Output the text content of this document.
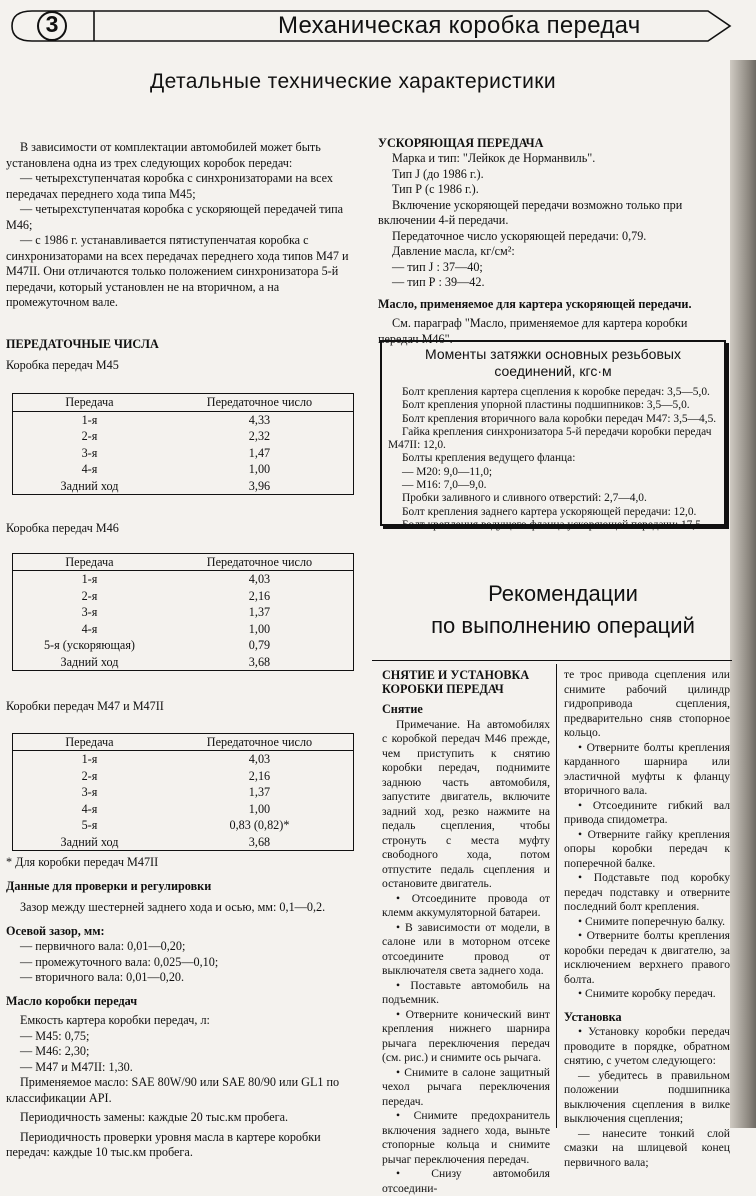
3	Механическая коробка передач
Детальные технические характеристики

В зависимости от комплектации автомобилей может быть установлена одна из трех следующих коробок передач:

— четырехступенчатая коробка с синхронизаторами на всех передачах переднего хода типа М45;

— четырехступенчатая коробка с ускоряющей передачей типа М46;

— с 1986 г. устанавливается пятиступенчатая коробка с синхронизаторами на всех передачах переднего хода типов М47 и М47II. Они отличаются только положением синхронизатора 5-й передачи, который установлен не на вторичном, а на промежуточном вале.

ПЕРЕДАТОЧНЫЕ ЧИСЛА
Коробка передач М45
Передача	Передаточное число
1-я	4,33
2-я	2,32
3-я	1,47
4-я	1,00
Задний ход	3,96
Коробка передач М46
Передача	Передаточное число
1-я	4,03
2-я	2,16
3-я	1,37
4-я	1,00
5-я (ускоряющая)	0,79
Задний ход	3,68
Коробки передач М47 и М47II
Передача	Передаточное число
1-я	4,03
2-я	2,16
3-я	1,37
4-я	1,00
5-я	0,83 (0,82)*
Задний ход	3,68
* Для коробки передач М47II
Данные для проверки и регулировки

Зазор между шестерней заднего хода и осью, мм: 0,1—0,2.

Осевой зазор, мм:

— первичного вала: 0,01—0,20;

— промежуточного вала: 0,025—0,10;

— вторичного вала: 0,01—0,20.

Масло коробки передач

Емкость картера коробки передач, л:

— М45: 0,75;

— М46: 2,30;

— М47 и М47II: 1,30.

Применяемое масло: SAE 80W/90 или SAE 80/90 или GL1 по классификации API.

Периодичность замены: каждые 20 тыс.км пробега.

Периодичность проверки уровня масла в картере коробки передач: каждые 10 тыс.км пробега.

УСКОРЯЮЩАЯ ПЕРЕДАЧА

Марка и тип: "Лейкок де Норманвиль".

Тип J (до 1986 г.).

Тип Р (с 1986 г.).

Включение ускоряющей передачи возможно только при включении 4-й передачи.

Передаточное число ускоряющей передачи: 0,79.

Давление масла, кг/см²:

— тип J : 37—40;

— тип Р : 39—42.

Масло, применяемое для картера ускоряющей передачи.

См. параграф "Масло, применяемое для картера коробки передач М46".

Моменты затяжки основных резьбовых соединений, кгс·м

Болт крепления картера сцепления к коробке передач: 3,5—5,0.

Болт крепления упорной пластины подшипников: 3,5—5,0.

Болт крепления вторичного вала коробки передач М47: 3,5—4,5.

Гайка крепления синхронизатора 5-й передачи коробки передач М47II: 12,0.

Болты крепления ведущего фланца:

— М20: 9,0—11,0;

— М16: 7,0—9,0.

Пробки заливного и сливного отверстий: 2,7—4,0.

Болт крепления заднего картера ускоряющей передачи: 12,0.

Болт крепления ведущего фланца ускоряющей передачи: 17,5.

Рекомендации
по выполнению операций
СНЯТИЕ И УСТАНОВКА КОРОБКИ ПЕРЕДАЧ
Снятие

Примечание. На автомобилях с коробкой передач М46 прежде, чем приступить к снятию коробки передач, поднимите заднюю часть автомобиля, запустите двигатель, включите задний ход, резко нажмите на педаль сцепления, чтобы стронуть с места муфту свободного хода, потом отпустите педаль сцепления и остановите двигатель.

• Отсоедините провода от клемм аккумуляторной батареи.

• В зависимости от модели, в салоне или в моторном отсеке отсоедините провод от выключателя света заднего хода.

• Поставьте автомобиль на подъемник.

• Отверните конический винт крепления нижнего шарнира рычага переключения передач (см. рис.) и снимите ось рычага.

• Снимите в салоне защитный чехол рычага переключения передач.

• Снимите предохранитель включения заднего хода, выньте стопорные кольца и снимите рычаг переключения передач.

• Снизу автомобиля отсоедини-

те трос привода сцепления или снимите рабочий цилиндр гидропривода сцепления, предварительно сняв стопорное кольцо.

• Отверните болты крепления карданного шарнира или эластичной муфты к фланцу вторичного вала.

• Отсоедините гибкий вал привода спидометра.

• Отверните гайку крепления опоры коробки передач к поперечной балке.

• Подставьте под коробку передач подставку и отверните последний болт крепления.

• Снимите поперечную балку.

• Отверните болты крепления коробки передач к двигателю, за исключением верхнего правого болта.

• Снимите коробку передач.

Установка

• Установку коробки передач проводите в порядке, обратном снятию, с учетом следующего:

— убедитесь в правильном положении подшипника выключения сцепления в вилке выключения сцепления;

— нанесите тонкий слой смазки на шлицевой конец первичного вала;
